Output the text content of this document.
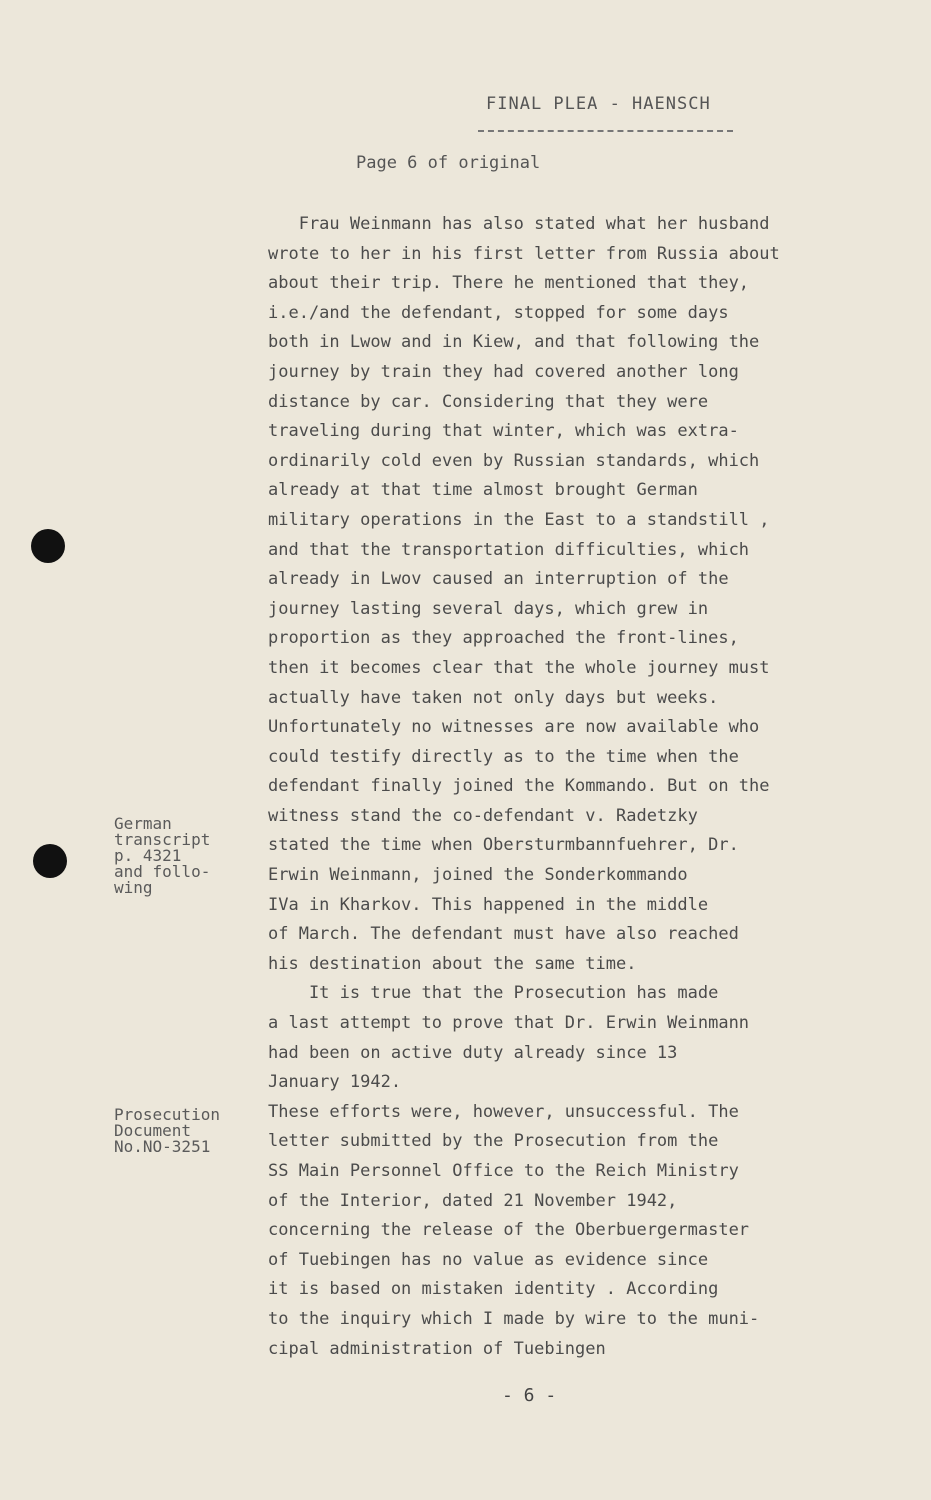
FINAL PLEA - HAENSCH
Page 6 of original
Frau Weinmann has also stated what her husband
wrote to her in his first letter from Russia about
about their trip. There he mentioned that they,
i.e./and the defendant, stopped for some days
both in Lwow and in Kiew, and that following the
journey by train they had covered another long
distance by car. Considering that they were
traveling during that winter, which was extra-
ordinarily cold even by Russian standards, which
already at that time almost brought German
military operations in the East to a standstill ,
and that the transportation difficulties, which
already in Lwov caused an interruption of the
journey lasting several days, which grew in
proportion as they approached the front-lines,
then it becomes clear that the whole journey must
actually have taken not only days but weeks.
Unfortunately no witnesses are now available who
could testify directly as to the time when the
defendant finally joined the Kommando. But on the
witness stand the co-defendant v. Radetzky
stated the time when Obersturmbannfuehrer, Dr.
Erwin Weinmann, joined the Sonderkommando
IVa in Kharkov. This happened in the middle
of March. The defendant must have also reached
his destination about the same time.
It is true that the Prosecution has made
a last attempt to prove that Dr. Erwin Weinmann
had been on active duty already since 13
January 1942.
These efforts were, however, unsuccessful. The
letter submitted by the Prosecution from the
SS Main Personnel Office to the Reich Ministry
of the Interior, dated 21 November 1942,
concerning the release of the Oberbuergermaster
of Tuebingen has no value as evidence since
it is based on mistaken identity . According
to the inquiry which I made by wire to the muni-
cipal administration of Tuebingen
German
transcript
p. 4321
and follo-
wing
Prosecution
Document
No.NO-3251
- 6 -
